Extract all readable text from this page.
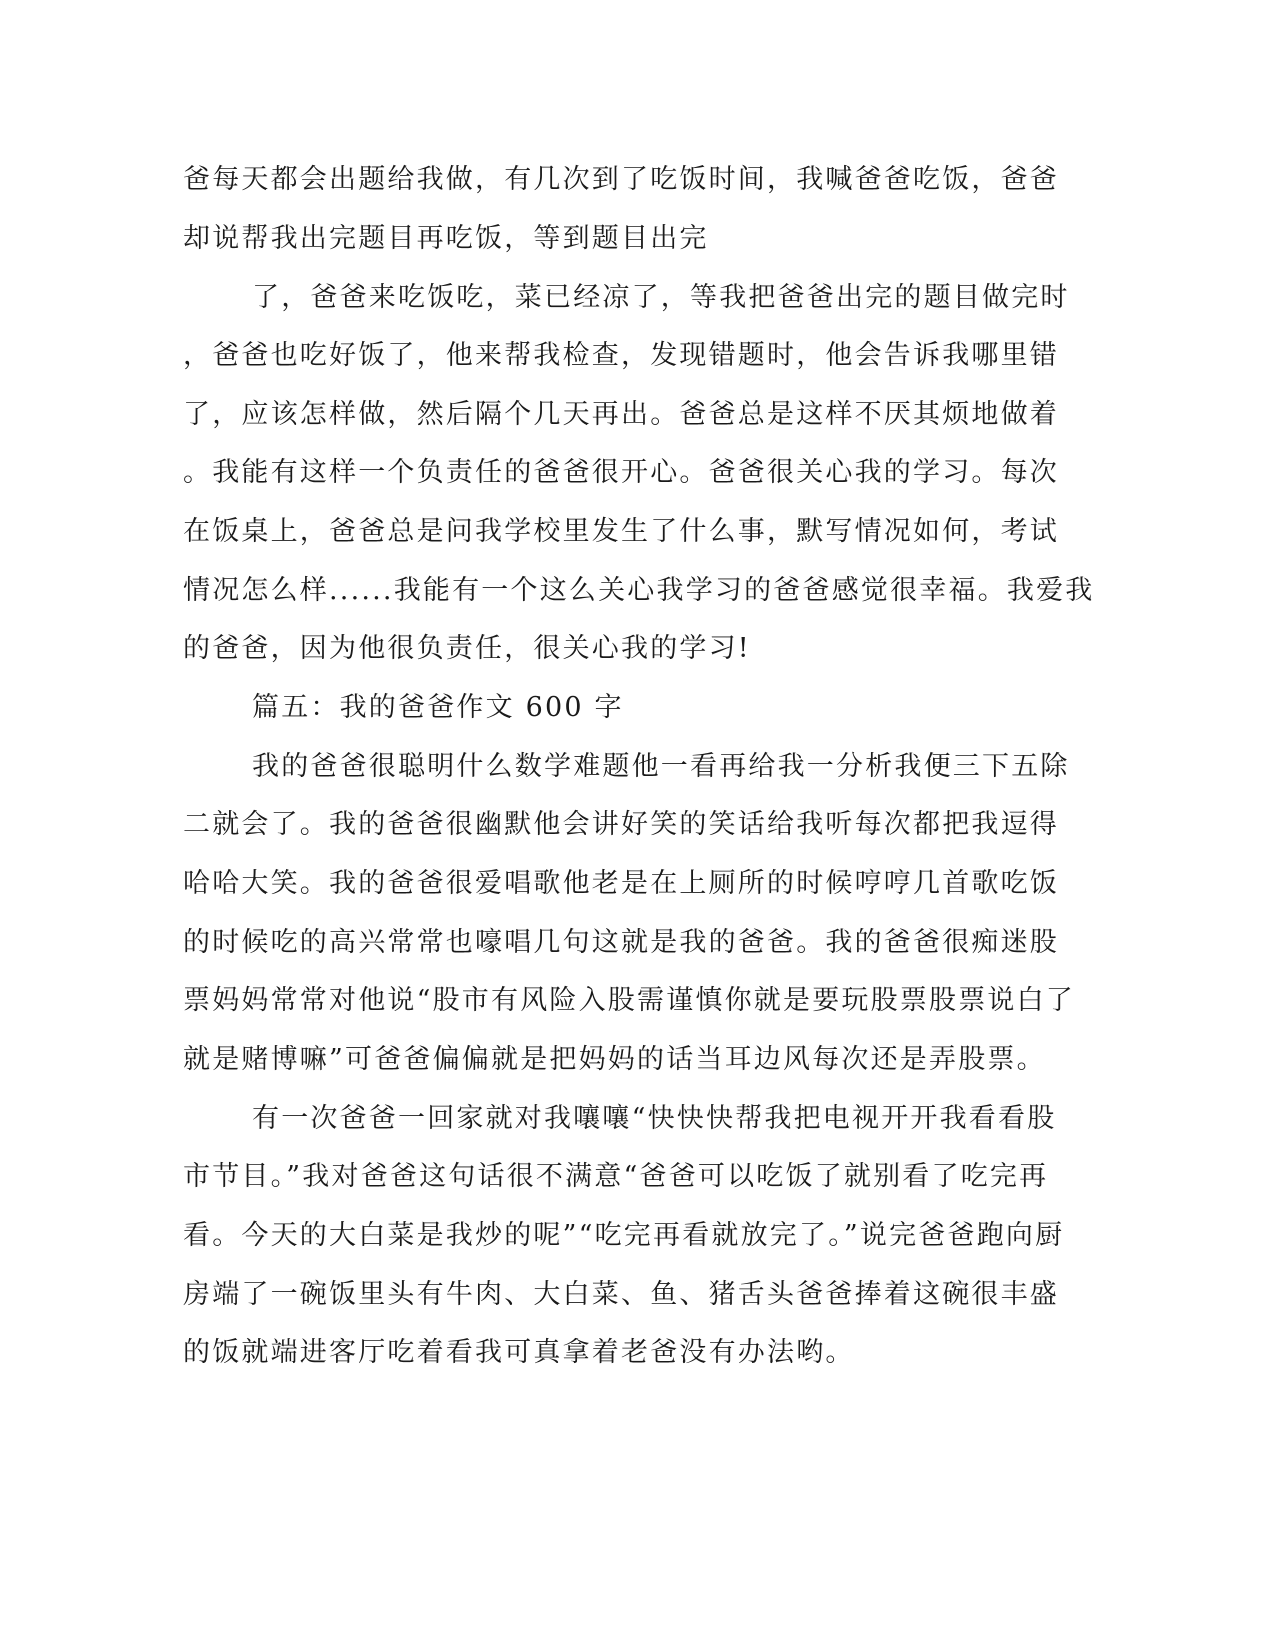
爸每天都会出题给我做，有几次到了吃饭时间，我喊爸爸吃饭，爸爸
却说帮我出完题目再吃饭，等到题目出完
了，爸爸来吃饭吃，菜已经凉了，等我把爸爸出完的题目做完时
，爸爸也吃好饭了，他来帮我检查，发现错题时，他会告诉我哪里错
了，应该怎样做，然后隔个几天再出。爸爸总是这样不厌其烦地做着
。我能有这样一个负责任的爸爸很开心。爸爸很关心我的学习。每次
在饭桌上，爸爸总是问我学校里发生了什么事，默写情况如何，考试
情况怎么样......我能有一个这么关心我学习的爸爸感觉很幸福。我爱我
的爸爸，因为他很负责任，很关心我的学习!
篇五：我的爸爸作文 600 字
我的爸爸很聪明什么数学难题他一看再给我一分析我便三下五除
二就会了。我的爸爸很幽默他会讲好笑的笑话给我听每次都把我逗得
哈哈大笑。我的爸爸很爱唱歌他老是在上厕所的时候哼哼几首歌吃饭
的时候吃的高兴常常也嚎唱几句这就是我的爸爸。我的爸爸很痴迷股
票妈妈常常对他说“股市有风险入股需谨慎你就是要玩股票股票说白了
就是赌博嘛”可爸爸偏偏就是把妈妈的话当耳边风每次还是弄股票。
有一次爸爸一回家就对我嚷嚷“快快快帮我把电视开开我看看股
市节目。”我对爸爸这句话很不满意“爸爸可以吃饭了就别看了吃完再
看。今天的大白菜是我炒的呢”“吃完再看就放完了。”说完爸爸跑向厨
房端了一碗饭里头有牛肉、大白菜、鱼、猪舌头爸爸捧着这碗很丰盛
的饭就端进客厅吃着看我可真拿着老爸没有办法哟。
